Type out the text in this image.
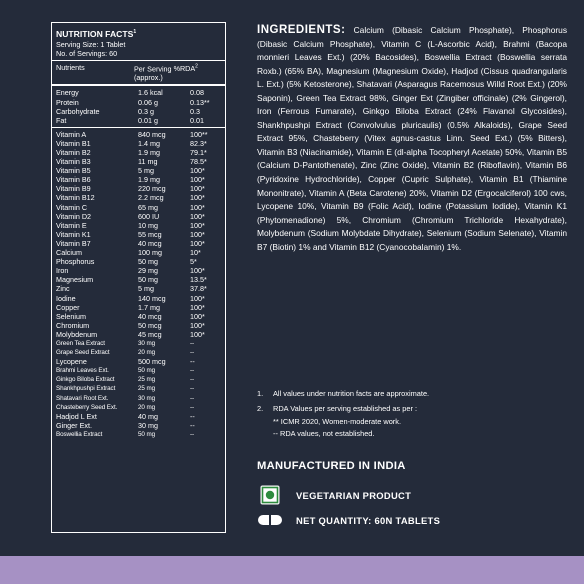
NUTRITION FACTS$^1$
Serving Size: 1 Tablet
No. of Servings: 60
Nutrients	Per Serving %RDA$^2$
(approx.)
Energy	1.6 kcal	0.08
Protein	0.06 g	0.13**
Carbohydrate	0.3 g	0.3
Fat	0.01 g	0.01
Vitamin A	840 mcg	100**
Vitamin B1	1.4 mg	82.3*
Vitamin B2	1.9 mg	79.1*
Vitamin B3	11 mg	78.5*
Vitamin B5	5 mg	100*
Vitamin B6	1.9 mg	100*
Vitamin B9	220 mcg	100*
Vitamin B12	2.2 mcg	100*
Vitamin C	65 mg	100*
Vitamin D2	600 IU	100*
Vitamin E	10 mg	100*
Vitamin K1	55 mcg	100*
Vitamin B7	40 mcg	100*
Calcium	100 mg	10*
Phosphorus	50 mg	5*
Iron	29 mg	100*
Magnesium	50 mg	13.5*
Zinc	5 mg	37.8*
Iodine	140 mcg	100*
Copper	1.7 mg	100*
Selenium	40 mcg	100*
Chromium	50 mcg	100*
Molybdenum	45 mcg	100*
Green Tea Extract	30 mg	--
Grape Seed Extract	20 mg	--
Lycopene	500 mcg	--
Brahmi Leaves Ext.	50 mg	--
Ginkgo Biloba Extract	25 mg	--
Shankhpushpi Extract	25 mg	--
Shatavari Root Ext.	30 mg	--
Chasteberry Seed Ext.	20 mg	--
Hadjod L Ext	40 mg	--
Ginger Ext.	30 mg	--
Boswellia Extract	50 mg	--
INGREDIENTS: Calcium (Dibasic Calcium Phosphate), Phosphorus (Dibasic Calcium Phosphate), Vitamin C (L-Ascorbic Acid), Brahmi (Bacopa monnieri Leaves Ext.) (20% Bacosides), Boswellia Extract (Boswellia serrata Roxb.) (65% BA), Magnesium (Magnesium Oxide), Hadjod (Cissus quadrangularis L. Ext.) (5% Ketosterone), Shatavari (Asparagus Racemosus Willd Root Ext.) (20% Saponin), Green Tea Extract 98%, Ginger Ext (Zingiber officinale) (2% Gingerol), Iron (Ferrous Fumarate), Ginkgo Biloba Extract (24% Flavanol Glycosides), Shankhpushpi Extract (Convolvulus pluricaulis) (0.5% Alkaloids), Grape Seed Extract 95%, Chasteberry (Vitex agnus-castus Linn. Seed Ext.) (5% Bitters), Vitamin B3 (Niacinamide), Vitamin E (dl-alpha Tocopheryl Acetate) 50%, Vitamin B5 (Calcium D-Pantothenate), Zinc (Zinc Oxide), Vitamin B2 (Riboflavin), Vitamin B6 (Pyridoxine Hydrochloride), Copper (Cupric Sulphate), Vitamin B1 (Thiamine Mononitrate), Vitamin A (Beta Carotene) 20%, Vitamin D2 (Ergocalciferol) 100 cws, Lycopene 10%, Vitamin B9 (Folic Acid), Iodine (Potassium Iodide), Vitamin K1 (Phytomenadione) 5%, Chromium (Chromium Trichloride Hexahydrate), Molybdenum (Sodium Molybdate Dihydrate), Selenium (Sodium Selenate), Vitamin B7 (Biotin) 1% and Vitamin B12 (Cyanocobalamin) 1%.
1.	All values under nutrition facts are approximate.
2.	RDA Values per serving established as per :
** ICMR 2020, Women-moderate work.
-- RDA values, not established.
MANUFACTURED IN INDIA
VEGETARIAN PRODUCT
NET QUANTITY: 60N TABLETS
